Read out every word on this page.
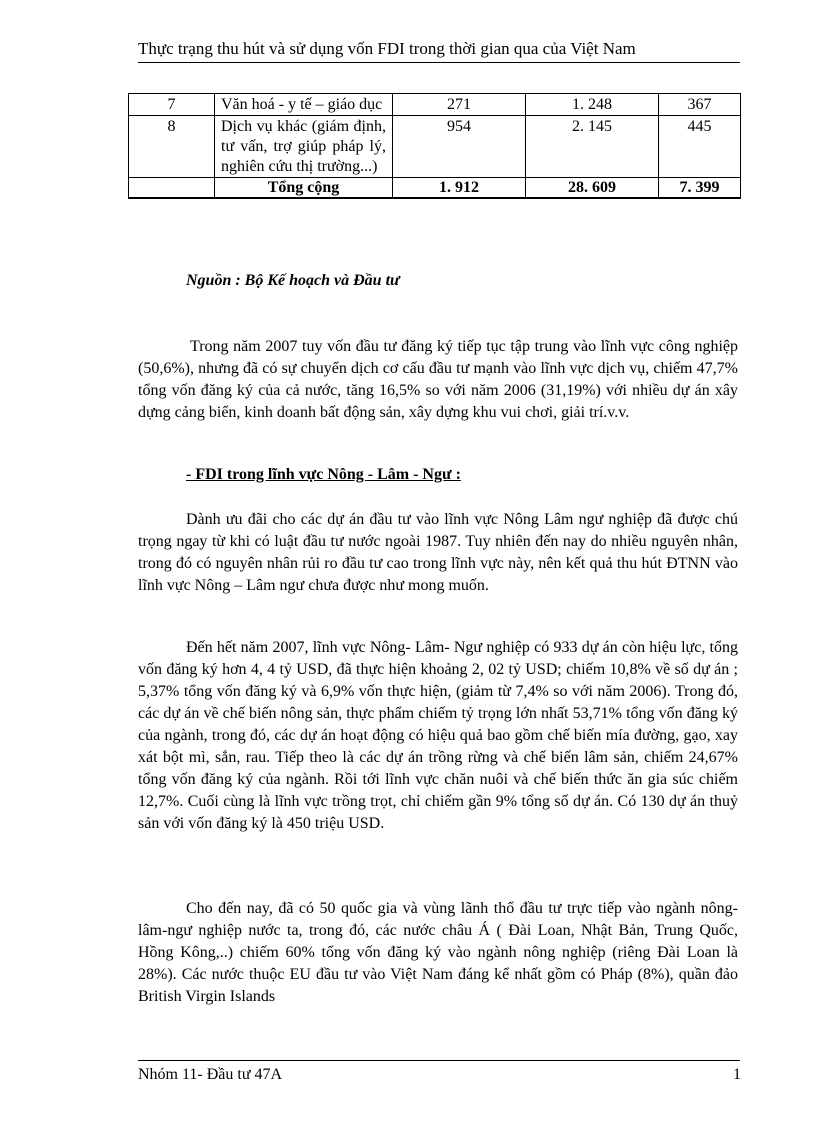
Thực trạng thu hút và sử dụng vốn FDI trong thời gian qua của Việt Nam
7	Văn hoá - y tế – giáo dục	271	1. 248	367
8	Dịch vụ khác (giám định, tư vấn, trợ giúp pháp lý, nghiên cứu thị trường...)	954	2. 145	445
	Tổng cộng	1. 912	28. 609	7. 399
Nguồn : Bộ Kế hoạch và Đầu tư

Trong năm 2007 tuy vốn đầu tư đăng ký tiếp tục tập trung vào lĩnh vực công nghiệp (50,6%), nhưng đã có sự chuyển dịch cơ cấu đầu tư mạnh vào lĩnh vực dịch vụ, chiếm 47,7% tổng vốn đăng ký của cả nước, tăng 16,5% so với năm 2006 (31,19%) với nhiều dự án xây dựng cảng biển, kinh doanh bất động sản, xây dựng khu vui chơi, giải trí.v.v.

- FDI trong lĩnh vực Nông - Lâm - Ngư :

Dành ưu đãi cho các dự án đầu tư vào lĩnh vực Nông Lâm ngư nghiệp đã được chú trọng ngay từ khi có luật đầu tư nước ngoài 1987. Tuy nhiên đến nay do nhiều nguyên nhân, trong đó có nguyên nhân rủi ro đầu tư cao trong lĩnh vực này, nên kết quả thu hút ĐTNN vào lĩnh vực Nông – Lâm ngư chưa được như mong muốn.

Đến hết năm 2007, lĩnh vực Nông- Lâm- Ngư nghiệp có 933 dự án còn hiệu lực, tổng vốn đăng ký hơn 4, 4 tỷ USD, đã thực hiện khoảng 2, 02 tỷ USD; chiếm 10,8% về số dự án ; 5,37% tổng vốn đăng ký và 6,9% vốn thực hiện, (giảm từ 7,4% so với năm 2006). Trong đó, các dự án về chế biến nông sản, thực phẩm chiếm tỷ trọng lớn nhất 53,71% tổng vốn đăng ký của ngành, trong đó, các dự án hoạt động có hiệu quả bao gồm chế biến mía đường, gạo, xay xát bột mì, sắn, rau. Tiếp theo là các dự án trồng rừng và chế biến lâm sản, chiếm 24,67% tổng vốn đăng ký của ngành. Rồi tới lĩnh vực chăn nuôi và chế biến thức ăn gia súc chiếm 12,7%. Cuối cùng là lĩnh vực trồng trọt, chỉ chiếm gần 9% tổng số dự án. Có 130 dự án thuỷ sản với vốn đăng ký là 450 triệu USD.

Cho đến nay, đã có 50 quốc gia và vùng lãnh thổ đầu tư trực tiếp vào ngành nông-lâm-ngư nghiệp nước ta, trong đó, các nước châu Á ( Đài Loan, Nhật Bản, Trung Quốc, Hồng Kông,..) chiếm 60% tổng vốn đăng ký vào ngành nông nghiệp (riêng Đài Loan là 28%). Các nước thuộc EU đầu tư vào Việt Nam đáng kể nhất gồm có Pháp (8%), quần đảo British Virgin Islands

Nhóm 11- Đầu tư 47A	1
